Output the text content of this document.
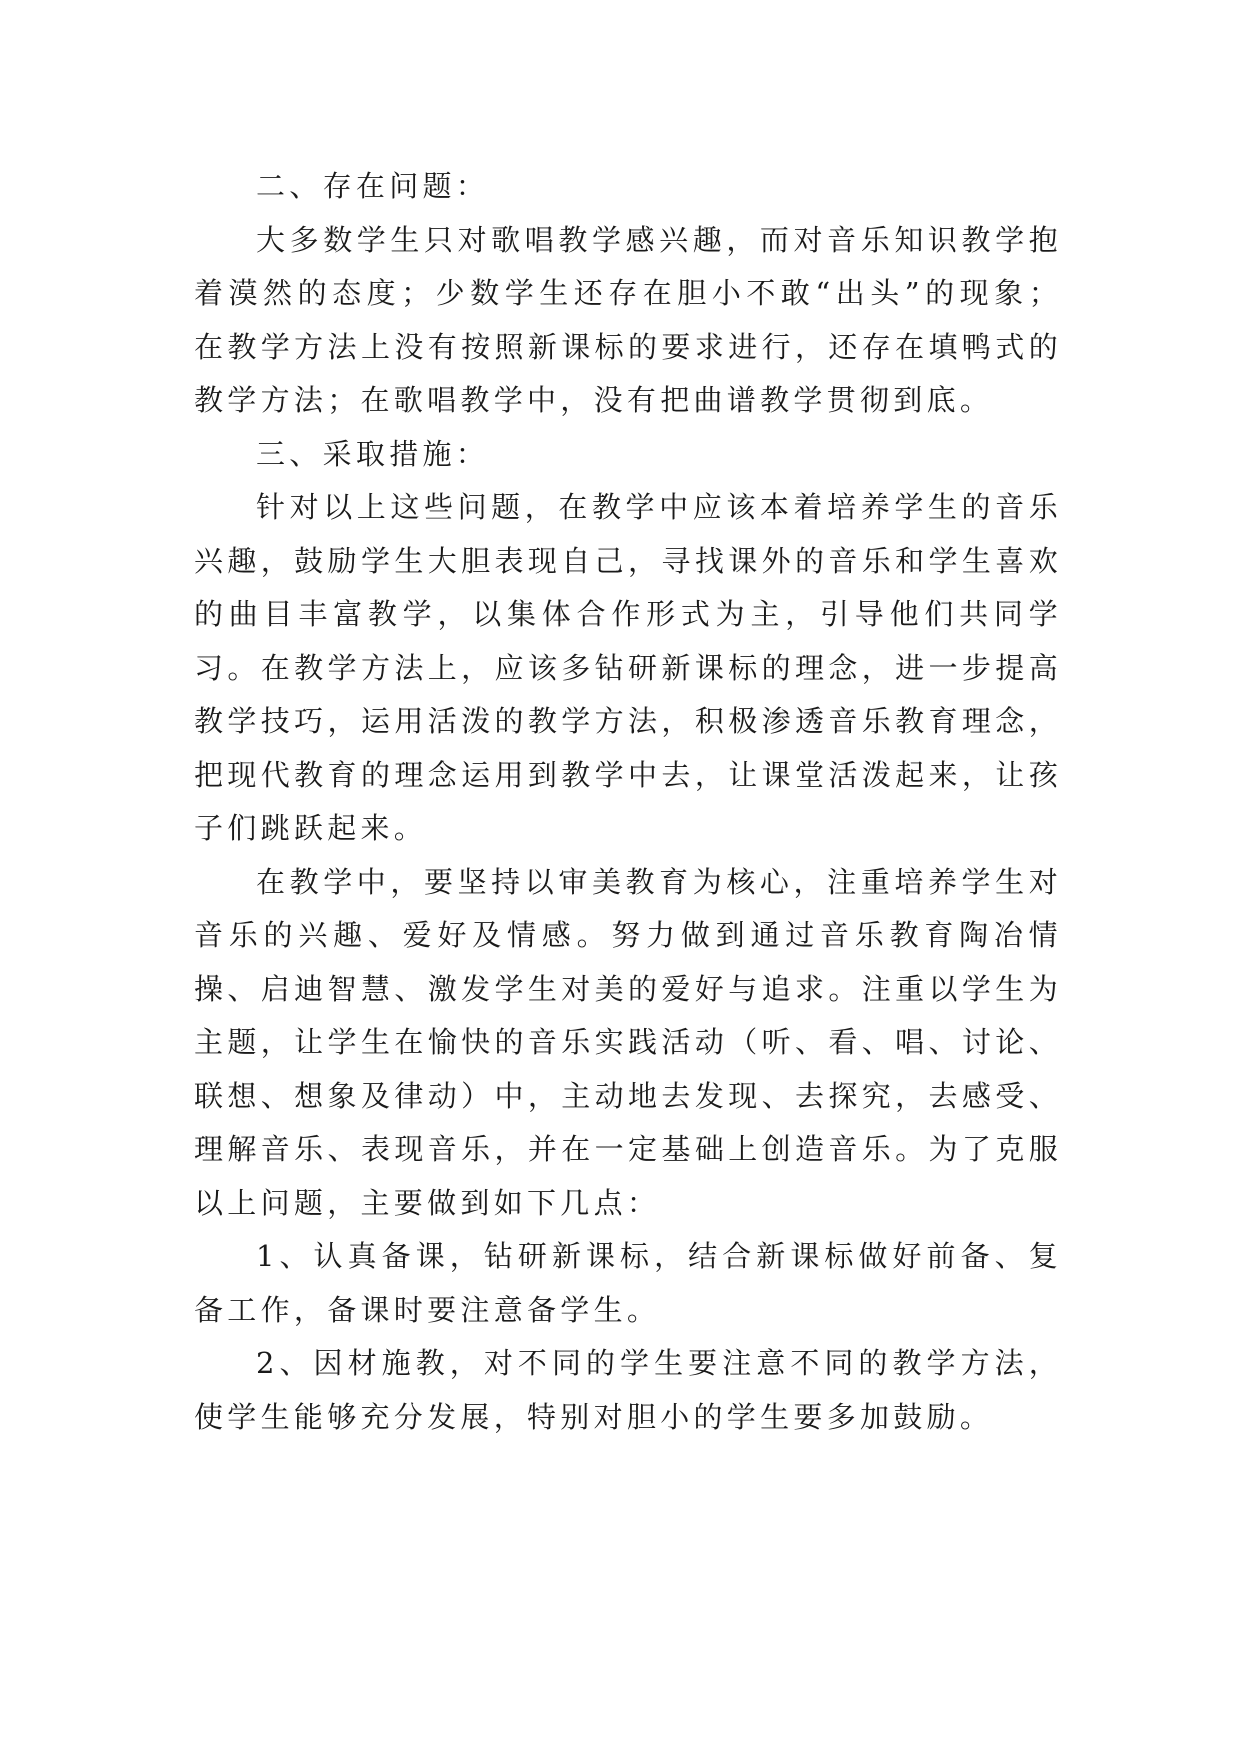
二、存在问题：

大多数学生只对歌唱教学感兴趣，而对音乐知识教学抱着漠然的态度；少数学生还存在胆小不敢“出头”的现象；在教学方法上没有按照新课标的要求进行，还存在填鸭式的教学方法；在歌唱教学中，没有把曲谱教学贯彻到底。

三、采取措施：

针对以上这些问题，在教学中应该本着培养学生的音乐兴趣，鼓励学生大胆表现自己，寻找课外的音乐和学生喜欢的曲目丰富教学，以集体合作形式为主，引导他们共同学习。在教学方法上，应该多钻研新课标的理念，进一步提高教学技巧，运用活泼的教学方法，积极渗透音乐教育理念，把现代教育的理念运用到教学中去，让课堂活泼起来，让孩子们跳跃起来。

在教学中，要坚持以审美教育为核心，注重培养学生对音乐的兴趣、爱好及情感。努力做到通过音乐教育陶冶情操、启迪智慧、激发学生对美的爱好与追求。注重以学生为主题，让学生在愉快的音乐实践活动（听、看、唱、讨论、联想、想象及律动）中，主动地去发现、去探究，去感受、理解音乐、表现音乐，并在一定基础上创造音乐。为了克服以上问题，主要做到如下几点：

1、认真备课，钻研新课标，结合新课标做好前备、复备工作，备课时要注意备学生。

2、因材施教，对不同的学生要注意不同的教学方法，使学生能够充分发展，特别对胆小的学生要多加鼓励。
